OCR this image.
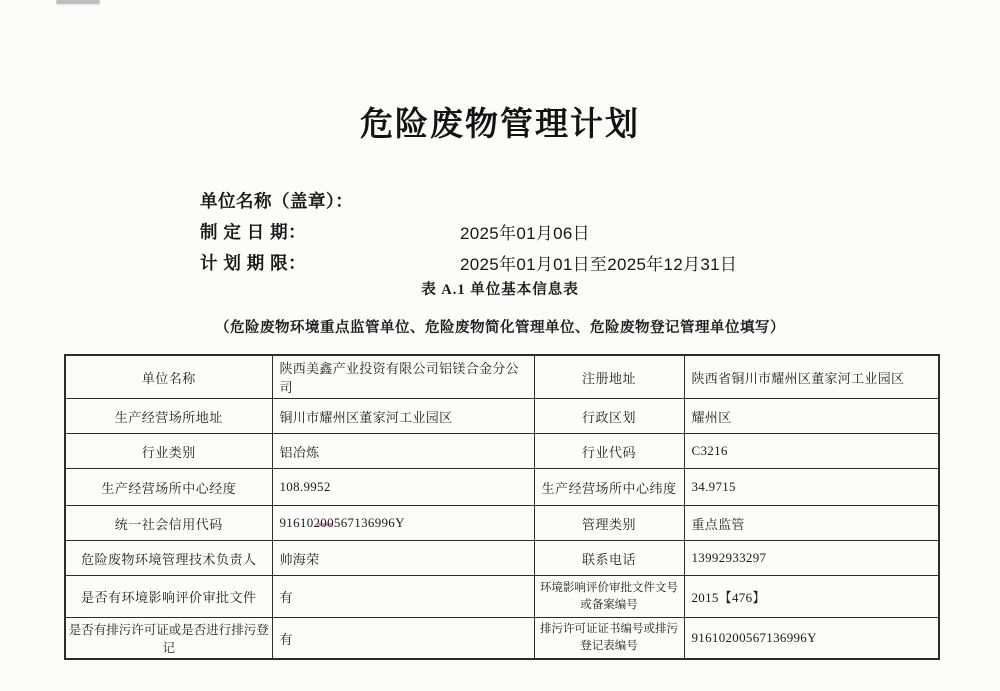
危险废物管理计划
单位名称（盖章）：
制 定 日 期：	2025年01月06日
计 划 期 限：	2025年01月01日至2025年12月31日
表 A.1 单位基本信息表
（危险废物环境重点监管单位、危险废物简化管理单位、危险废物登记管理单位填写）
单位名称	陕西美鑫产业投资有限公司铝镁合金分公司	注册地址	陕西省铜川市耀州区董家河工业园区
生产经营场所地址	铜川市耀州区董家河工业园区	行政区划	耀州区
行业类别	铝冶炼	行业代码	C3216
生产经营场所中心经度	108.9952	生产经营场所中心纬度	34.9715
统一社会信用代码	91610200567136996Y	管理类别	重点监管
危险废物环境管理技术负责人	帅海荣	联系电话	13992933297
是否有环境影响评价审批文件	有	环境影响评价审批文件文号或备案编号	2015【476】
是否有排污许可证或是否进行排污登记	有	排污许可证证书编号或排污登记表编号	91610200567136996Y
